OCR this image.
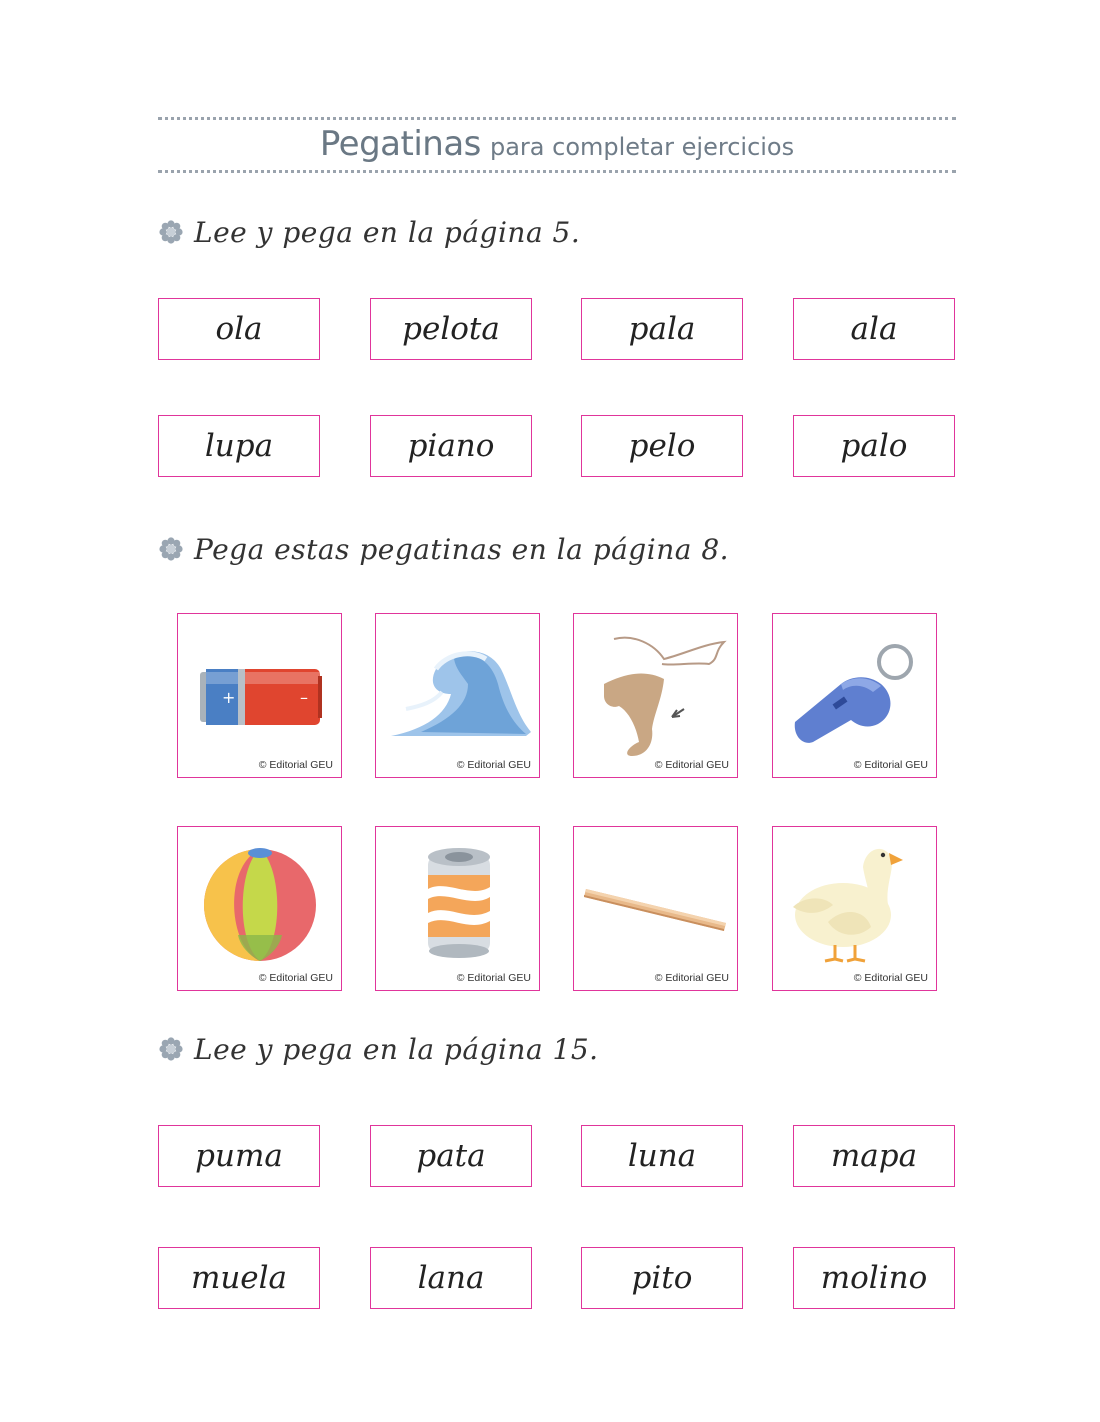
Pegatinas para completar ejercicios
Lee y pega en la página 5.
ola	pelota	pala	ala
lupa	piano	pelo	palo
Pega estas pegatinas en la página 8.
+	–
© Editorial GEU	© Editorial GEU	© Editorial GEU	© Editorial GEU
© Editorial GEU	© Editorial GEU	© Editorial GEU	© Editorial GEU
Lee y pega en la página 15.
puma	pata	luna	mapa
muela	lana	pito	molino
